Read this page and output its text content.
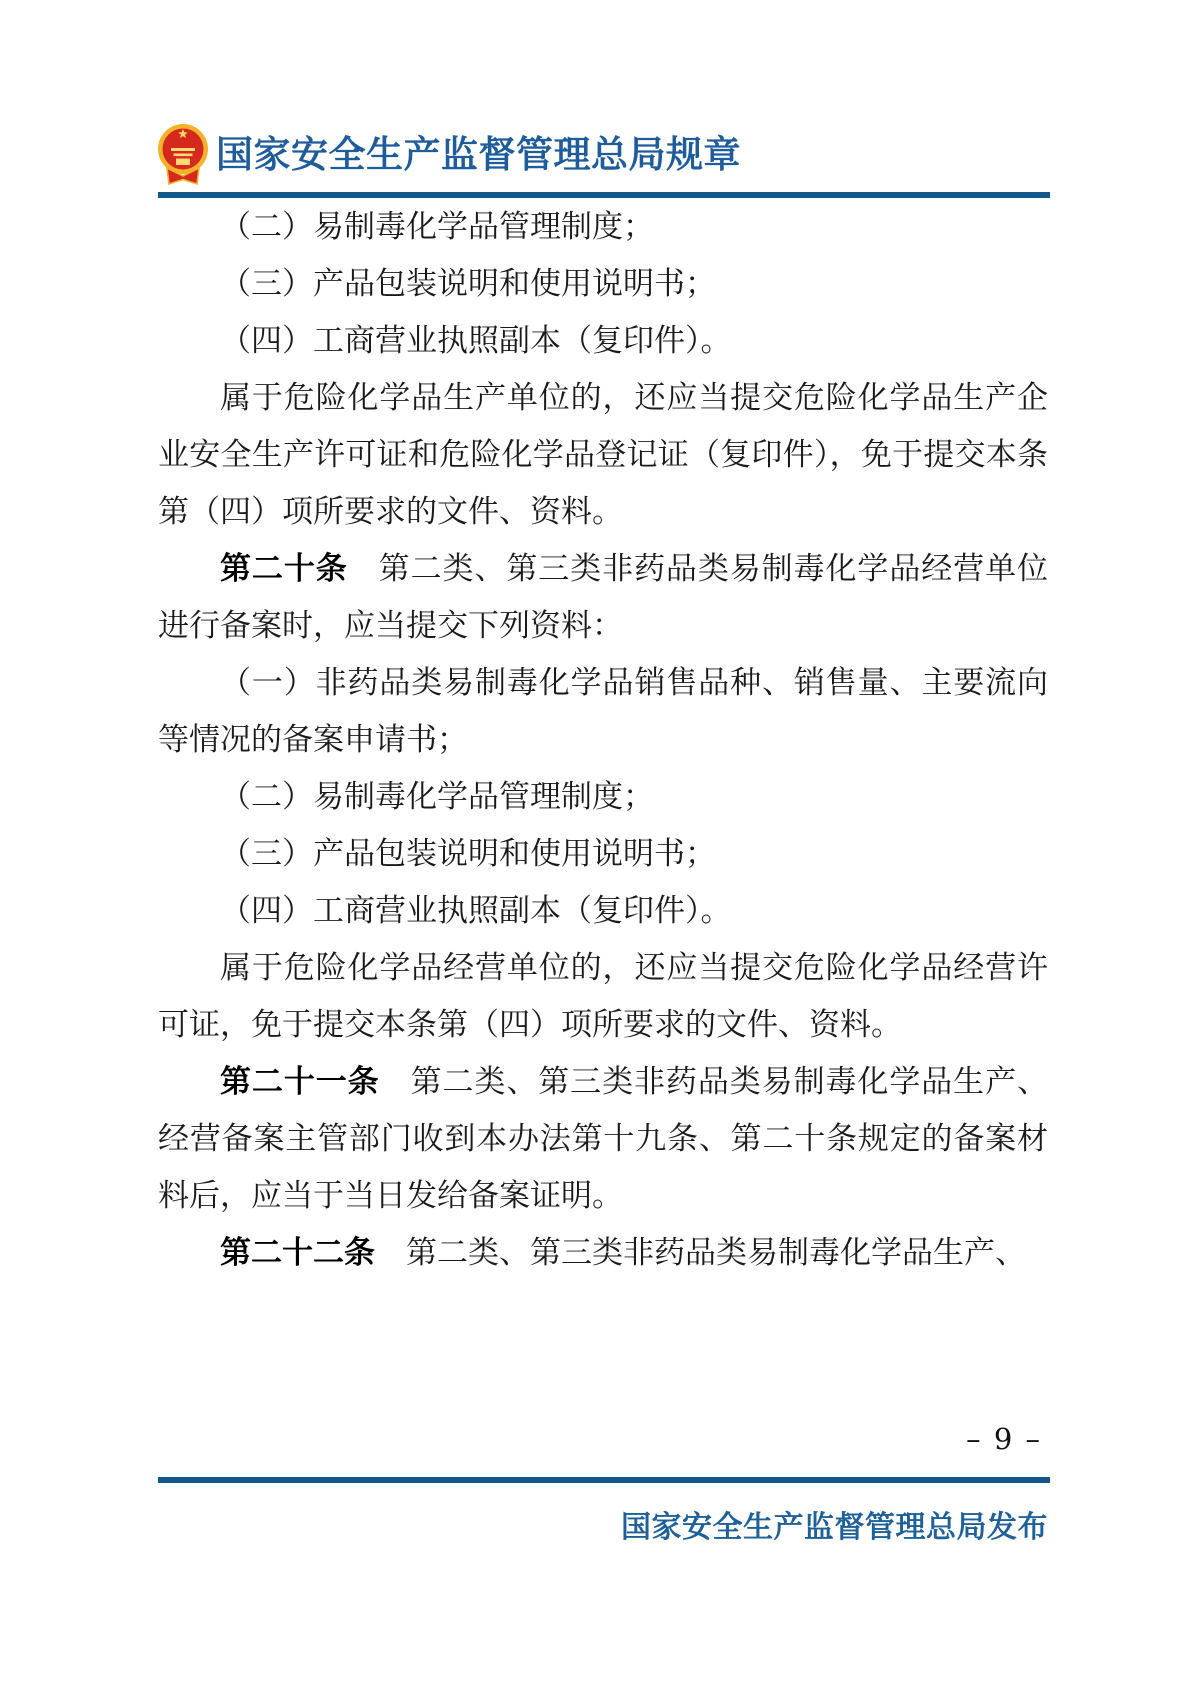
国家安全生产监督管理总局规章

（二）易制毒化学品管理制度；

（三）产品包装说明和使用说明书；

（四）工商营业执照副本（复印件）。

属于危险化学品生产单位的，还应当提交危险化学品生产企业安全生产许可证和危险化学品登记证（复印件），免于提交本条第（四）项所要求的文件、资料。

第二十条 第二类、第三类非药品类易制毒化学品经营单位进行备案时，应当提交下列资料：

（一）非药品类易制毒化学品销售品种、销售量、主要流向等情况的备案申请书；

（二）易制毒化学品管理制度；

（三）产品包装说明和使用说明书；

（四）工商营业执照副本（复印件）。

属于危险化学品经营单位的，还应当提交危险化学品经营许可证，免于提交本条第（四）项所要求的文件、资料。

第二十一条 第二类、第三类非药品类易制毒化学品生产、经营备案主管部门收到本办法第十九条、第二十条规定的备案材料后，应当于当日发给备案证明。

第二十二条 第二类、第三类非药品类易制毒化学品生产、

– 9 –
国家安全生产监督管理总局发布
